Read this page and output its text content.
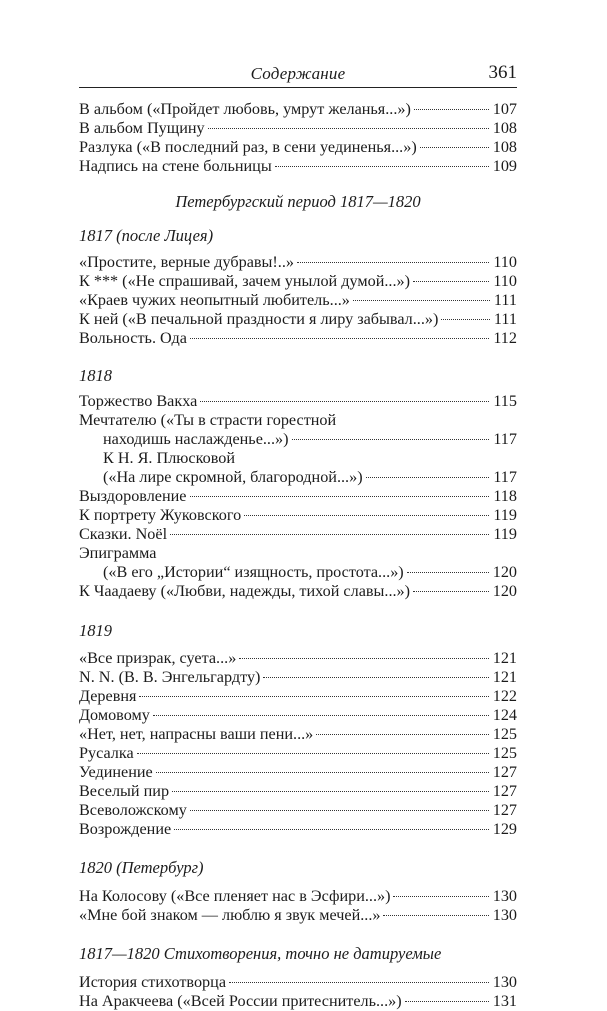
Содержание	361
В альбом («Пройдет любовь, умрут желанья...»)	107
В альбом Пущину	108
Разлука («В последний раз, в сени уединенья...»)	108
Надпись на стене больницы	109
Петербургский период 1817—1820
1817 (после Лицея)
«Простите, верные дубравы!..»	110
К *** («Не спрашивай, зачем унылой думой...»)	110
«Краев чужих неопытный любитель...»	111
К ней («В печальной праздности я лиру забывал...»)	111
Вольность. Ода	112
1818
Торжество Вакха	115
Мечтателю («Ты в страсти горестной
находишь наслажденье...»)	117
К Н. Я. Плюсковой
(«На лире скромной, благородной...»)	117
Выздоровление	118
К портрету Жуковского	119
Сказки. Noël	119
Эпиграмма
(«В его „Истории“ изящность, простота...»)	120
К Чаадаеву («Любви, надежды, тихой славы...»)	120
1819
«Все призрак, суета...»	121
N. N. (В. В. Энгельгардту)	121
Деревня	122
Домовому	124
«Нет, нет, напрасны ваши пени...»	125
Русалка	125
Уединение	127
Веселый пир	127
Всеволожскому	127
Возрождение	129
1820 (Петербург)
На Колосову («Все пленяет нас в Эсфири...»)	130
«Мне бой знаком — люблю я звук мечей...»	130
1817—1820 Стихотворения, точно не датируемые
История стихотворца	130
На Аракчеева («Всей России притеснитель...»)	131
